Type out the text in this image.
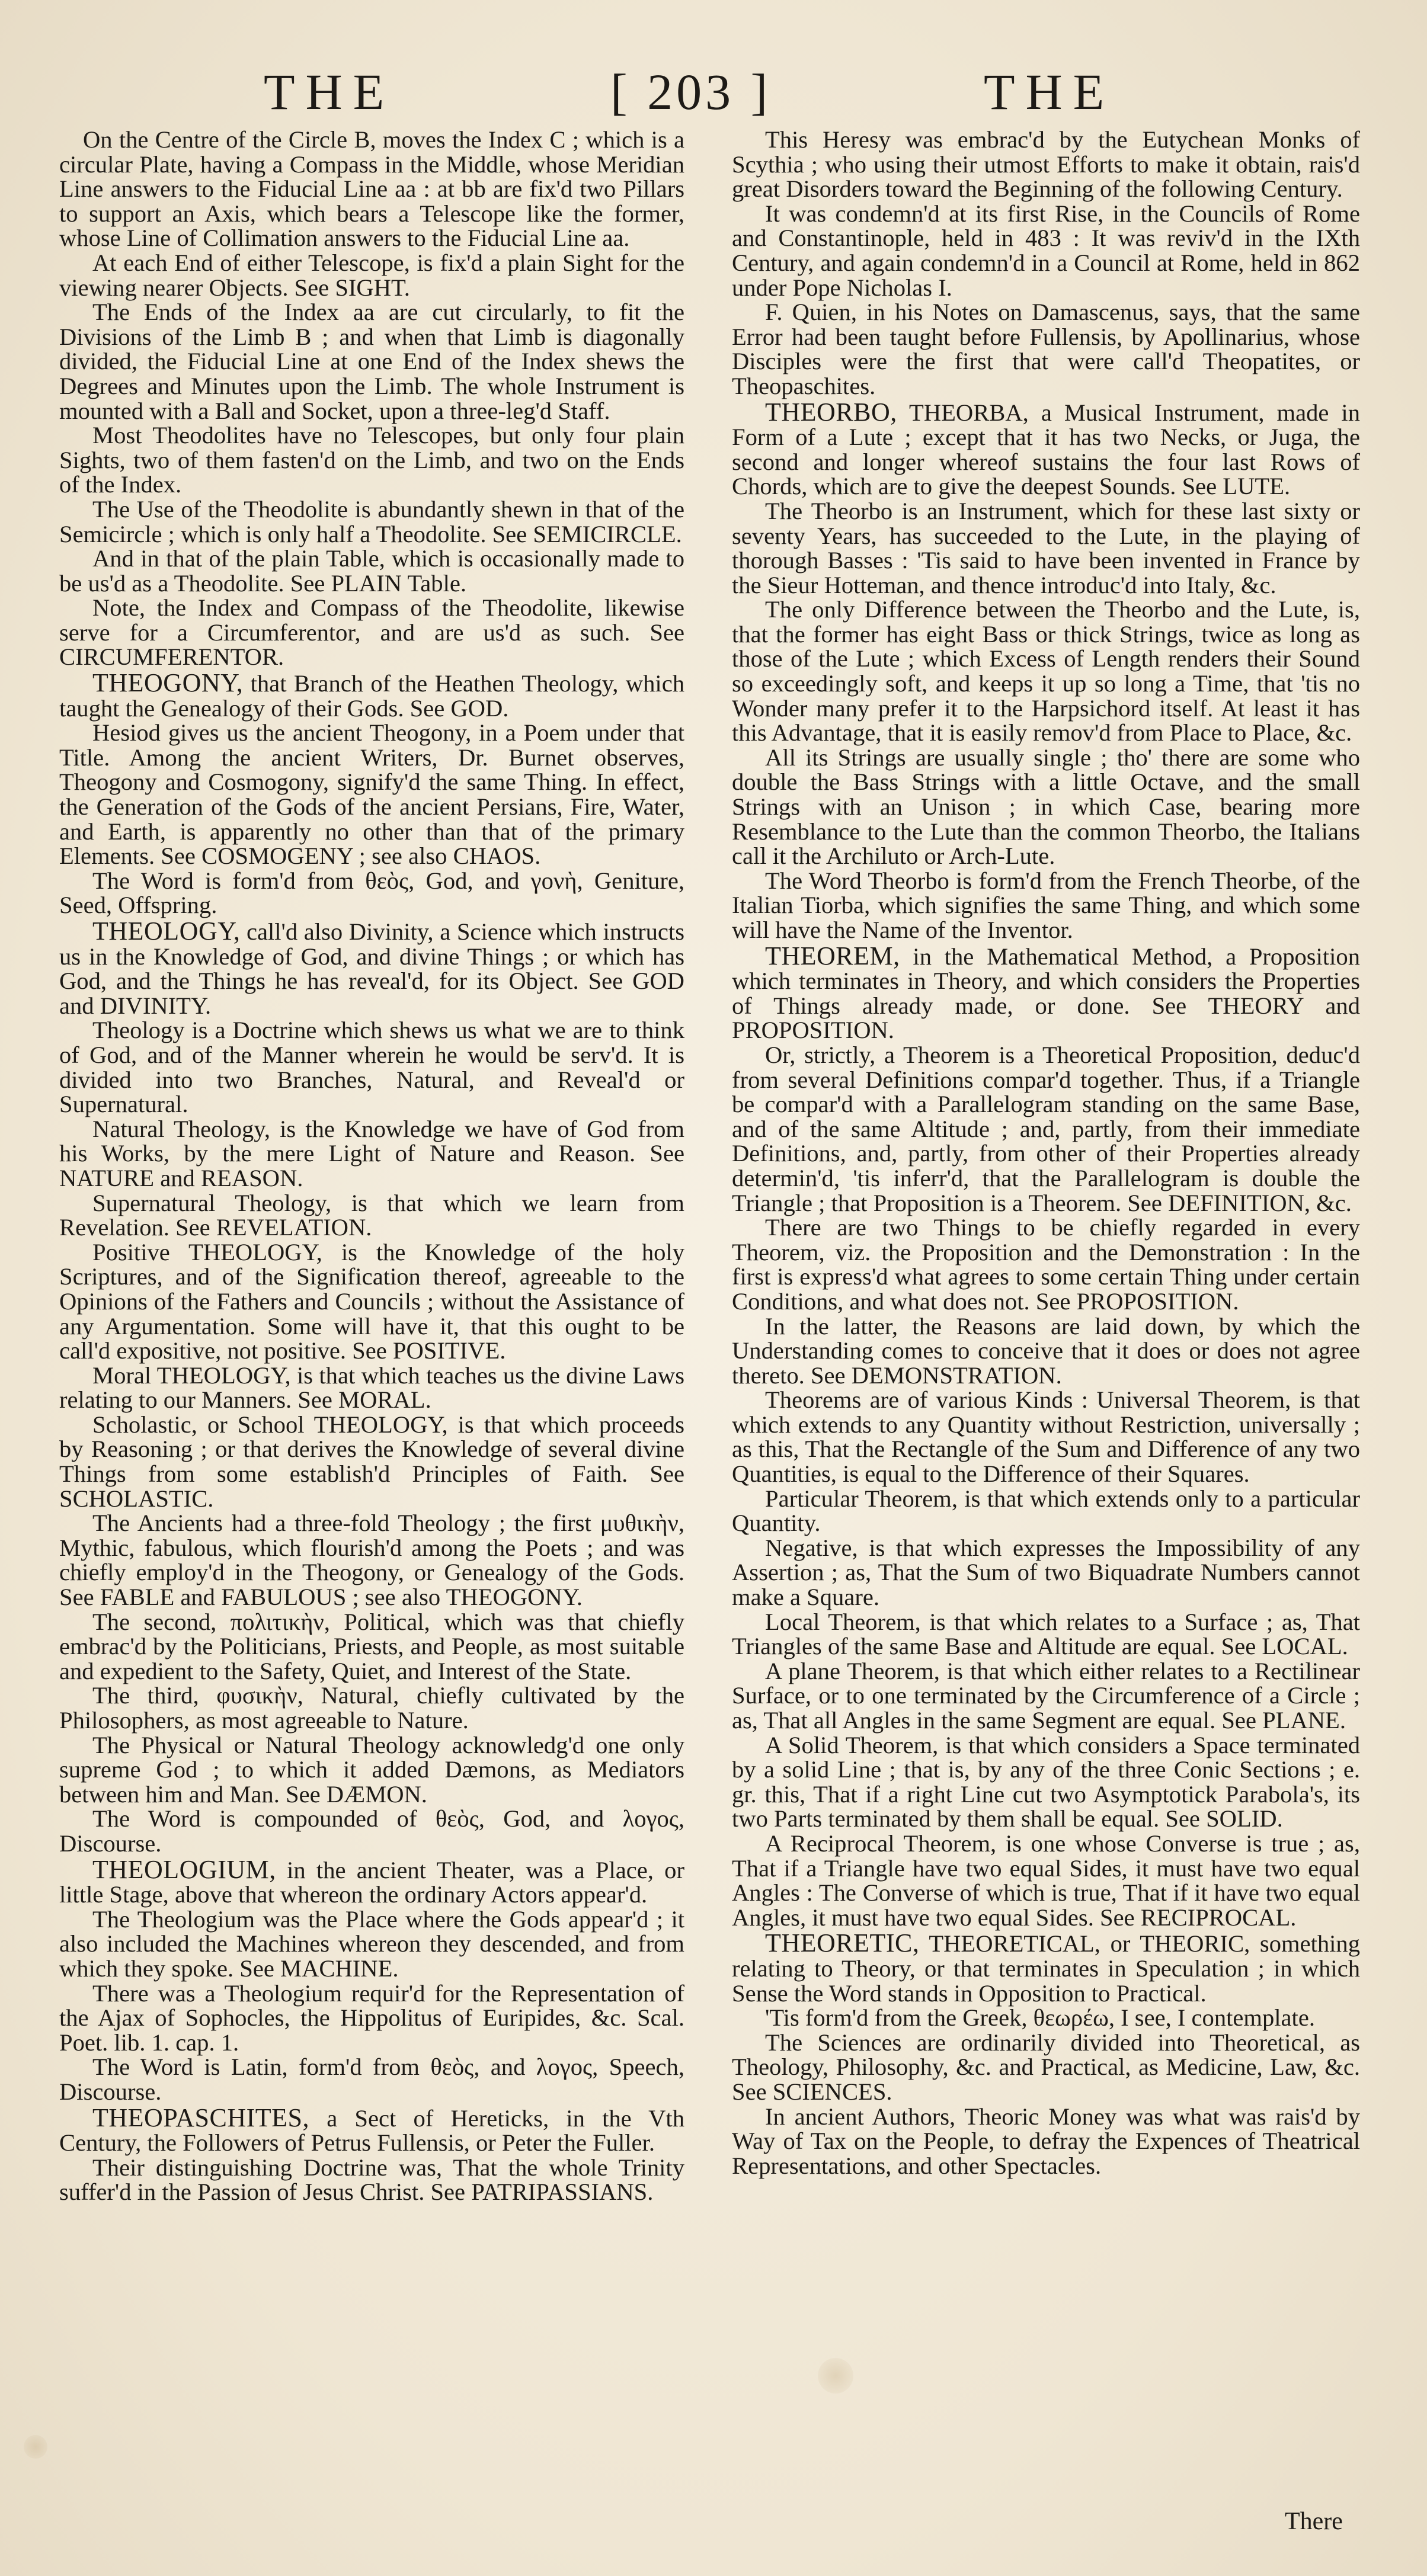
THE	[ 203 ]	THE

On the Centre of the Circle B, moves the Index C ; which is a circular Plate, having a Compass in the Middle, whose Meridian Line answers to the Fiducial Line aa : at bb are fix'd two Pillars to support an Axis, which bears a Telescope like the former, whose Line of Collimation answers to the Fiducial Line aa.

At each End of either Telescope, is fix'd a plain Sight for the viewing nearer Objects. See SIGHT.

The Ends of the Index aa are cut circularly, to fit the Divisions of the Limb B ; and when that Limb is diagonally divided, the Fiducial Line at one End of the Index shews the Degrees and Minutes upon the Limb. The whole Instrument is mounted with a Ball and Socket, upon a three-leg'd Staff.

Most Theodolites have no Telescopes, but only four plain Sights, two of them fasten'd on the Limb, and two on the Ends of the Index.

The Use of the Theodolite is abundantly shewn in that of the Semicircle ; which is only half a Theodolite. See SEMICIRCLE.

And in that of the plain Table, which is occasionally made to be us'd as a Theodolite. See PLAIN Table.

Note, the Index and Compass of the Theodolite, likewise serve for a Circumferentor, and are us'd as such. See CIRCUMFERENTOR.

THEOGONY, that Branch of the Heathen Theology, which taught the Genealogy of their Gods. See GOD.

Hesiod gives us the ancient Theogony, in a Poem under that Title. Among the ancient Writers, Dr. Burnet observes, Theogony and Cosmogony, signify'd the same Thing. In effect, the Generation of the Gods of the ancient Persians, Fire, Water, and Earth, is apparently no other than that of the primary Elements. See COSMOGENY ; see also CHAOS.

The Word is form'd from θεὸς, God, and γονὴ, Geniture, Seed, Offspring.

THEOLOGY, call'd also Divinity, a Science which instructs us in the Knowledge of God, and divine Things ; or which has God, and the Things he has reveal'd, for its Object. See GOD and DIVINITY.

Theology is a Doctrine which shews us what we are to think of God, and of the Manner wherein he would be serv'd. It is divided into two Branches, Natural, and Reveal'd or Supernatural.

Natural Theology, is the Knowledge we have of God from his Works, by the mere Light of Nature and Reason. See NATURE and REASON.

Supernatural Theology, is that which we learn from Revelation. See REVELATION.

Positive THEOLOGY, is the Knowledge of the holy Scriptures, and of the Signification thereof, agreeable to the Opinions of the Fathers and Councils ; without the Assistance of any Argumentation. Some will have it, that this ought to be call'd expositive, not positive. See POSITIVE.

Moral THEOLOGY, is that which teaches us the divine Laws relating to our Manners. See MORAL.

Scholastic, or School THEOLOGY, is that which proceeds by Reasoning ; or that derives the Knowledge of several divine Things from some establish'd Principles of Faith. See SCHOLASTIC.

The Ancients had a three-fold Theology ; the first μυθικὴν, Mythic, fabulous, which flourish'd among the Poets ; and was chiefly employ'd in the Theogony, or Genealogy of the Gods. See FABLE and FABULOUS ; see also THEOGONY.

The second, πολιτικὴν, Political, which was that chiefly embrac'd by the Politicians, Priests, and People, as most suitable and expedient to the Safety, Quiet, and Interest of the State.

The third, φυσικὴν, Natural, chiefly cultivated by the Philosophers, as most agreeable to Nature.

The Physical or Natural Theology acknowledg'd one only supreme God ; to which it added Dæmons, as Mediators between him and Man. See DÆMON.

The Word is compounded of θεὸς, God, and λογος, Discourse.

THEOLOGIUM, in the ancient Theater, was a Place, or little Stage, above that whereon the ordinary Actors appear'd.

The Theologium was the Place where the Gods appear'd ; it also included the Machines whereon they descended, and from which they spoke. See MACHINE.

There was a Theologium requir'd for the Representation of the Ajax of Sophocles, the Hippolitus of Euripides, &c. Scal. Poet. lib. 1. cap. 1.

The Word is Latin, form'd from θεὸς, and λογος, Speech, Discourse.

THEOPASCHITES, a Sect of Hereticks, in the Vth Century, the Followers of Petrus Fullensis, or Peter the Fuller.

Their distinguishing Doctrine was, That the whole Trinity suffer'd in the Passion of Jesus Christ. See PATRIPASSIANS.

This Heresy was embrac'd by the Eutychean Monks of Scythia ; who using their utmost Efforts to make it obtain, rais'd great Disorders toward the Beginning of the following Century.

It was condemn'd at its first Rise, in the Councils of Rome and Constantinople, held in 483 : It was reviv'd in the IXth Century, and again condemn'd in a Council at Rome, held in 862 under Pope Nicholas I.

F. Quien, in his Notes on Damascenus, says, that the same Error had been taught before Fullensis, by Apollinarius, whose Disciples were the first that were call'd Theopatites, or Theopaschites.

THEORBO, THEORBA, a Musical Instrument, made in Form of a Lute ; except that it has two Necks, or Juga, the second and longer whereof sustains the four last Rows of Chords, which are to give the deepest Sounds. See LUTE.

The Theorbo is an Instrument, which for these last sixty or seventy Years, has succeeded to the Lute, in the playing of thorough Basses : 'Tis said to have been invented in France by the Sieur Hotteman, and thence introduc'd into Italy, &c.

The only Difference between the Theorbo and the Lute, is, that the former has eight Bass or thick Strings, twice as long as those of the Lute ; which Excess of Length renders their Sound so exceedingly soft, and keeps it up so long a Time, that 'tis no Wonder many prefer it to the Harpsichord itself. At least it has this Advantage, that it is easily remov'd from Place to Place, &c.

All its Strings are usually single ; tho' there are some who double the Bass Strings with a little Octave, and the small Strings with an Unison ; in which Case, bearing more Resemblance to the Lute than the common Theorbo, the Italians call it the Archiluto or Arch-Lute.

The Word Theorbo is form'd from the French Theorbe, of the Italian Tiorba, which signifies the same Thing, and which some will have the Name of the Inventor.

THEOREM, in the Mathematical Method, a Proposition which terminates in Theory, and which considers the Properties of Things already made, or done. See THEORY and PROPOSITION.

Or, strictly, a Theorem is a Theoretical Proposition, deduc'd from several Definitions compar'd together. Thus, if a Triangle be compar'd with a Parallelogram standing on the same Base, and of the same Altitude ; and, partly, from their immediate Definitions, and, partly, from other of their Properties already determin'd, 'tis inferr'd, that the Parallelogram is double the Triangle ; that Proposition is a Theorem. See DEFINITION, &c.

There are two Things to be chiefly regarded in every Theorem, viz. the Proposition and the Demonstration : In the first is express'd what agrees to some certain Thing under certain Conditions, and what does not. See PROPOSITION.

In the latter, the Reasons are laid down, by which the Understanding comes to conceive that it does or does not agree thereto. See DEMONSTRATION.

Theorems are of various Kinds : Universal Theorem, is that which extends to any Quantity without Restriction, universally ; as this, That the Rectangle of the Sum and Difference of any two Quantities, is equal to the Difference of their Squares.

Particular Theorem, is that which extends only to a particular Quantity.

Negative, is that which expresses the Impossibility of any Assertion ; as, That the Sum of two Biquadrate Numbers cannot make a Square.

Local Theorem, is that which relates to a Surface ; as, That Triangles of the same Base and Altitude are equal. See LOCAL.

A plane Theorem, is that which either relates to a Rectilinear Surface, or to one terminated by the Circumference of a Circle ; as, That all Angles in the same Segment are equal. See PLANE.

A Solid Theorem, is that which considers a Space terminated by a solid Line ; that is, by any of the three Conic Sections ; e. gr. this, That if a right Line cut two Asymptotick Parabola's, its two Parts terminated by them shall be equal. See SOLID.

A Reciprocal Theorem, is one whose Converse is true ; as, That if a Triangle have two equal Sides, it must have two equal Angles : The Converse of which is true, That if it have two equal Angles, it must have two equal Sides. See RECIPROCAL.

THEORETIC, THEORETICAL, or THEORIC, something relating to Theory, or that terminates in Speculation ; in which Sense the Word stands in Opposition to Practical.

'Tis form'd from the Greek, θεωρέω, I see, I contemplate.

The Sciences are ordinarily divided into Theoretical, as Theology, Philosophy, &c. and Practical, as Medicine, Law, &c. See SCIENCES.

In ancient Authors, Theoric Money was what was rais'd by Way of Tax on the People, to defray the Expences of Theatrical Representations, and other Spectacles.

There
